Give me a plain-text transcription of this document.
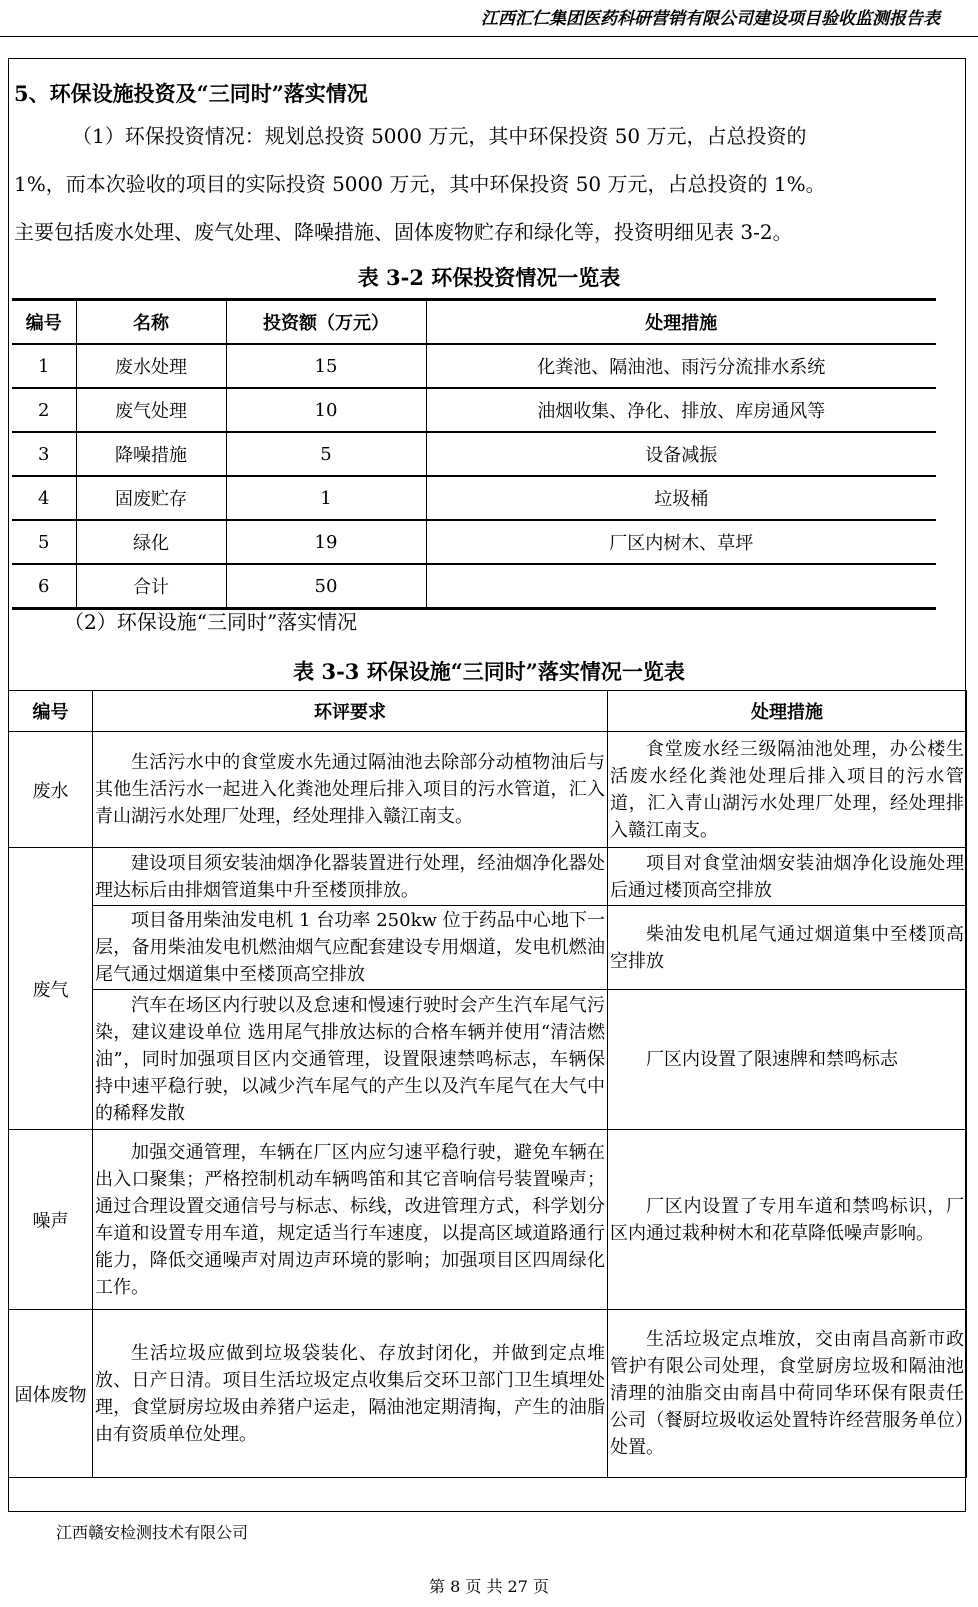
江西汇仁集团医药科研营销有限公司建设项目验收监测报告表
5、环保设施投资及“三同时”落实情况
（1）环保投资情况：规划总投资 5000 万元，其中环保投资 50 万元，占总投资的
1%，而本次验收的项目的实际投资 5000 万元，其中环保投资 50 万元，占总投资的 1%。
主要包括废水处理、废气处理、降噪措施、固体废物贮存和绿化等，投资明细见表 3-2。
表 3-2 环保投资情况一览表
编号	名称	投资额（万元）	处理措施
1	废水处理	15	化粪池、隔油池、雨污分流排水系统
2	废气处理	10	油烟收集、净化、排放、库房通风等
3	降噪措施	5	设备减振
4	固废贮存	1	垃圾桶
5	绿化	19	厂区内树木、草坪
6	合计	50	
（2）环保设施“三同时”落实情况
表 3-3 环保设施“三同时”落实情况一览表
编号	环评要求	处理措施
废水	生活污水中的食堂废水先通过隔油池去除部分动植物油后与其他生活污水一起进入化粪池处理后排入项目的污水管道，汇入青山湖污水处理厂处理，经处理排入赣江南支。	食堂废水经三级隔油池处理，办公楼生活废水经化粪池处理后排入项目的污水管道，汇入青山湖污水处理厂处理，经处理排入赣江南支。

废气	建设项目须安装油烟净化器装置进行处理，经油烟净化器处理达标后由排烟管道集中升至楼顶排放。	项目对食堂油烟安装油烟净化设施处理后通过楼顶高空排放

	项目备用柴油发电机 1 台功率 250kw 位于药品中心地下一层，备用柴油发电机燃油烟气应配套建设专用烟道，发电机燃油尾气通过烟道集中至楼顶高空排放	柴油发电机尾气通过烟道集中至楼顶高空排放

	汽车在场区内行驶以及怠速和慢速行驶时会产生汽车尾气污染，建议建设单位 选用尾气排放达标的合格车辆并使用“清洁燃油”，同时加强项目区内交通管理，设置限速禁鸣标志，车辆保持中速平稳行驶，以减少汽车尾气的产生以及汽车尾气在大气中的稀释发散	厂区内设置了限速牌和禁鸣标志

噪声	加强交通管理，车辆在厂区内应匀速平稳行驶，避免车辆在出入口聚集；严格控制机动车辆鸣笛和其它音响信号装置噪声；通过合理设置交通信号与标志、标线，改进管理方式，科学划分车道和设置专用车道，规定适当行车速度，以提高区域道路通行能力，降低交通噪声对周边声环境的影响；加强项目区四周绿化工作。	厂区内设置了专用车道和禁鸣标识，厂区内通过栽种树木和花草降低噪声影响。

固体废物	生活垃圾应做到垃圾袋装化、存放封闭化，并做到定点堆放、日产日清。项目生活垃圾定点收集后交环卫部门卫生填埋处理，食堂厨房垃圾由养猪户运走，隔油池定期清掏，产生的油脂由有资质单位处理。	生活垃圾定点堆放，交由南昌高新市政管护有限公司处理，食堂厨房垃圾和隔油池清理的油脂交由南昌中荷同华环保有限责任公司（餐厨垃圾收运处置特许经营服务单位）处置。
江西赣安检测技术有限公司
第 8 页 共 27 页
